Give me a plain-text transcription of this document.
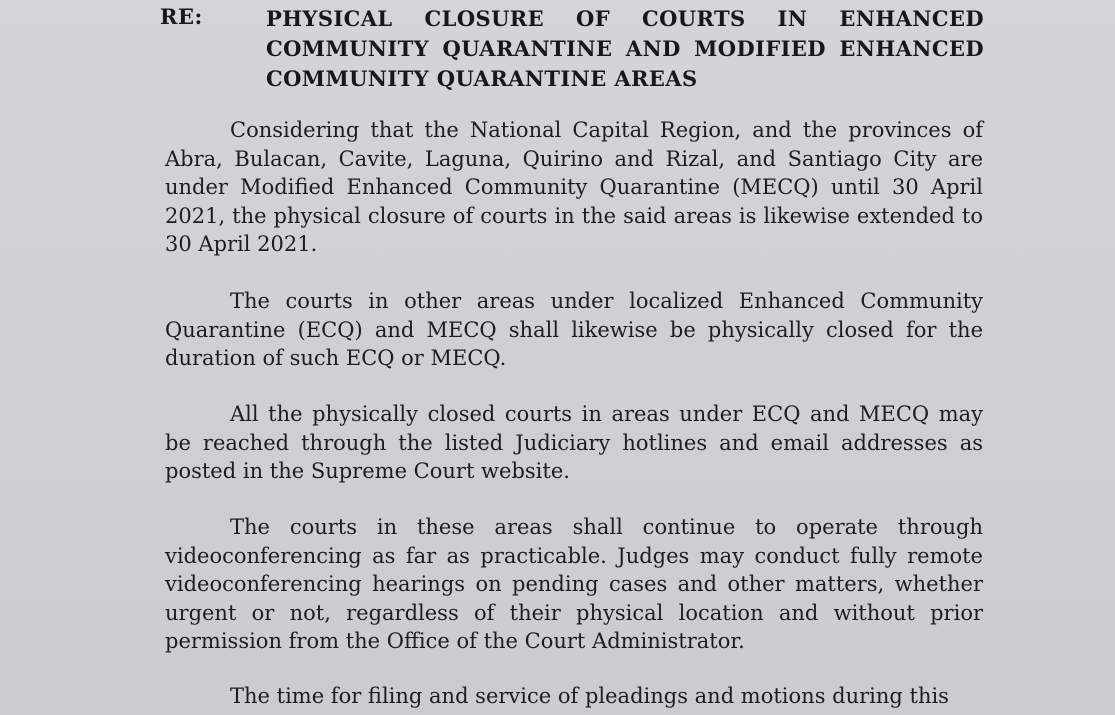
RE:	PHYSICAL CLOSURE OF COURTS IN ENHANCED COMMUNITY QUARANTINE AND MODIFIED ENHANCED COMMUNITY QUARANTINE AREAS

Considering that the National Capital Region, and the provinces of Abra, Bulacan, Cavite, Laguna, Quirino and Rizal, and Santiago City are under Modified Enhanced Community Quarantine (MECQ) until 30 April 2021, the physical closure of courts in the said areas is likewise extended to 30 April 2021.

The courts in other areas under localized Enhanced Community Quarantine (ECQ) and MECQ shall likewise be physically closed for the duration of such ECQ or MECQ.

All the physically closed courts in areas under ECQ and MECQ may be reached through the listed Judiciary hotlines and email addresses as posted in the Supreme Court website.

The courts in these areas shall continue to operate through videoconferencing as far as practicable. Judges may conduct fully remote videoconferencing hearings on pending cases and other matters, whether urgent or not, regardless of their physical location and without prior permission from the Office of the Court Administrator.

The time for filing and service of pleadings and motions during this
